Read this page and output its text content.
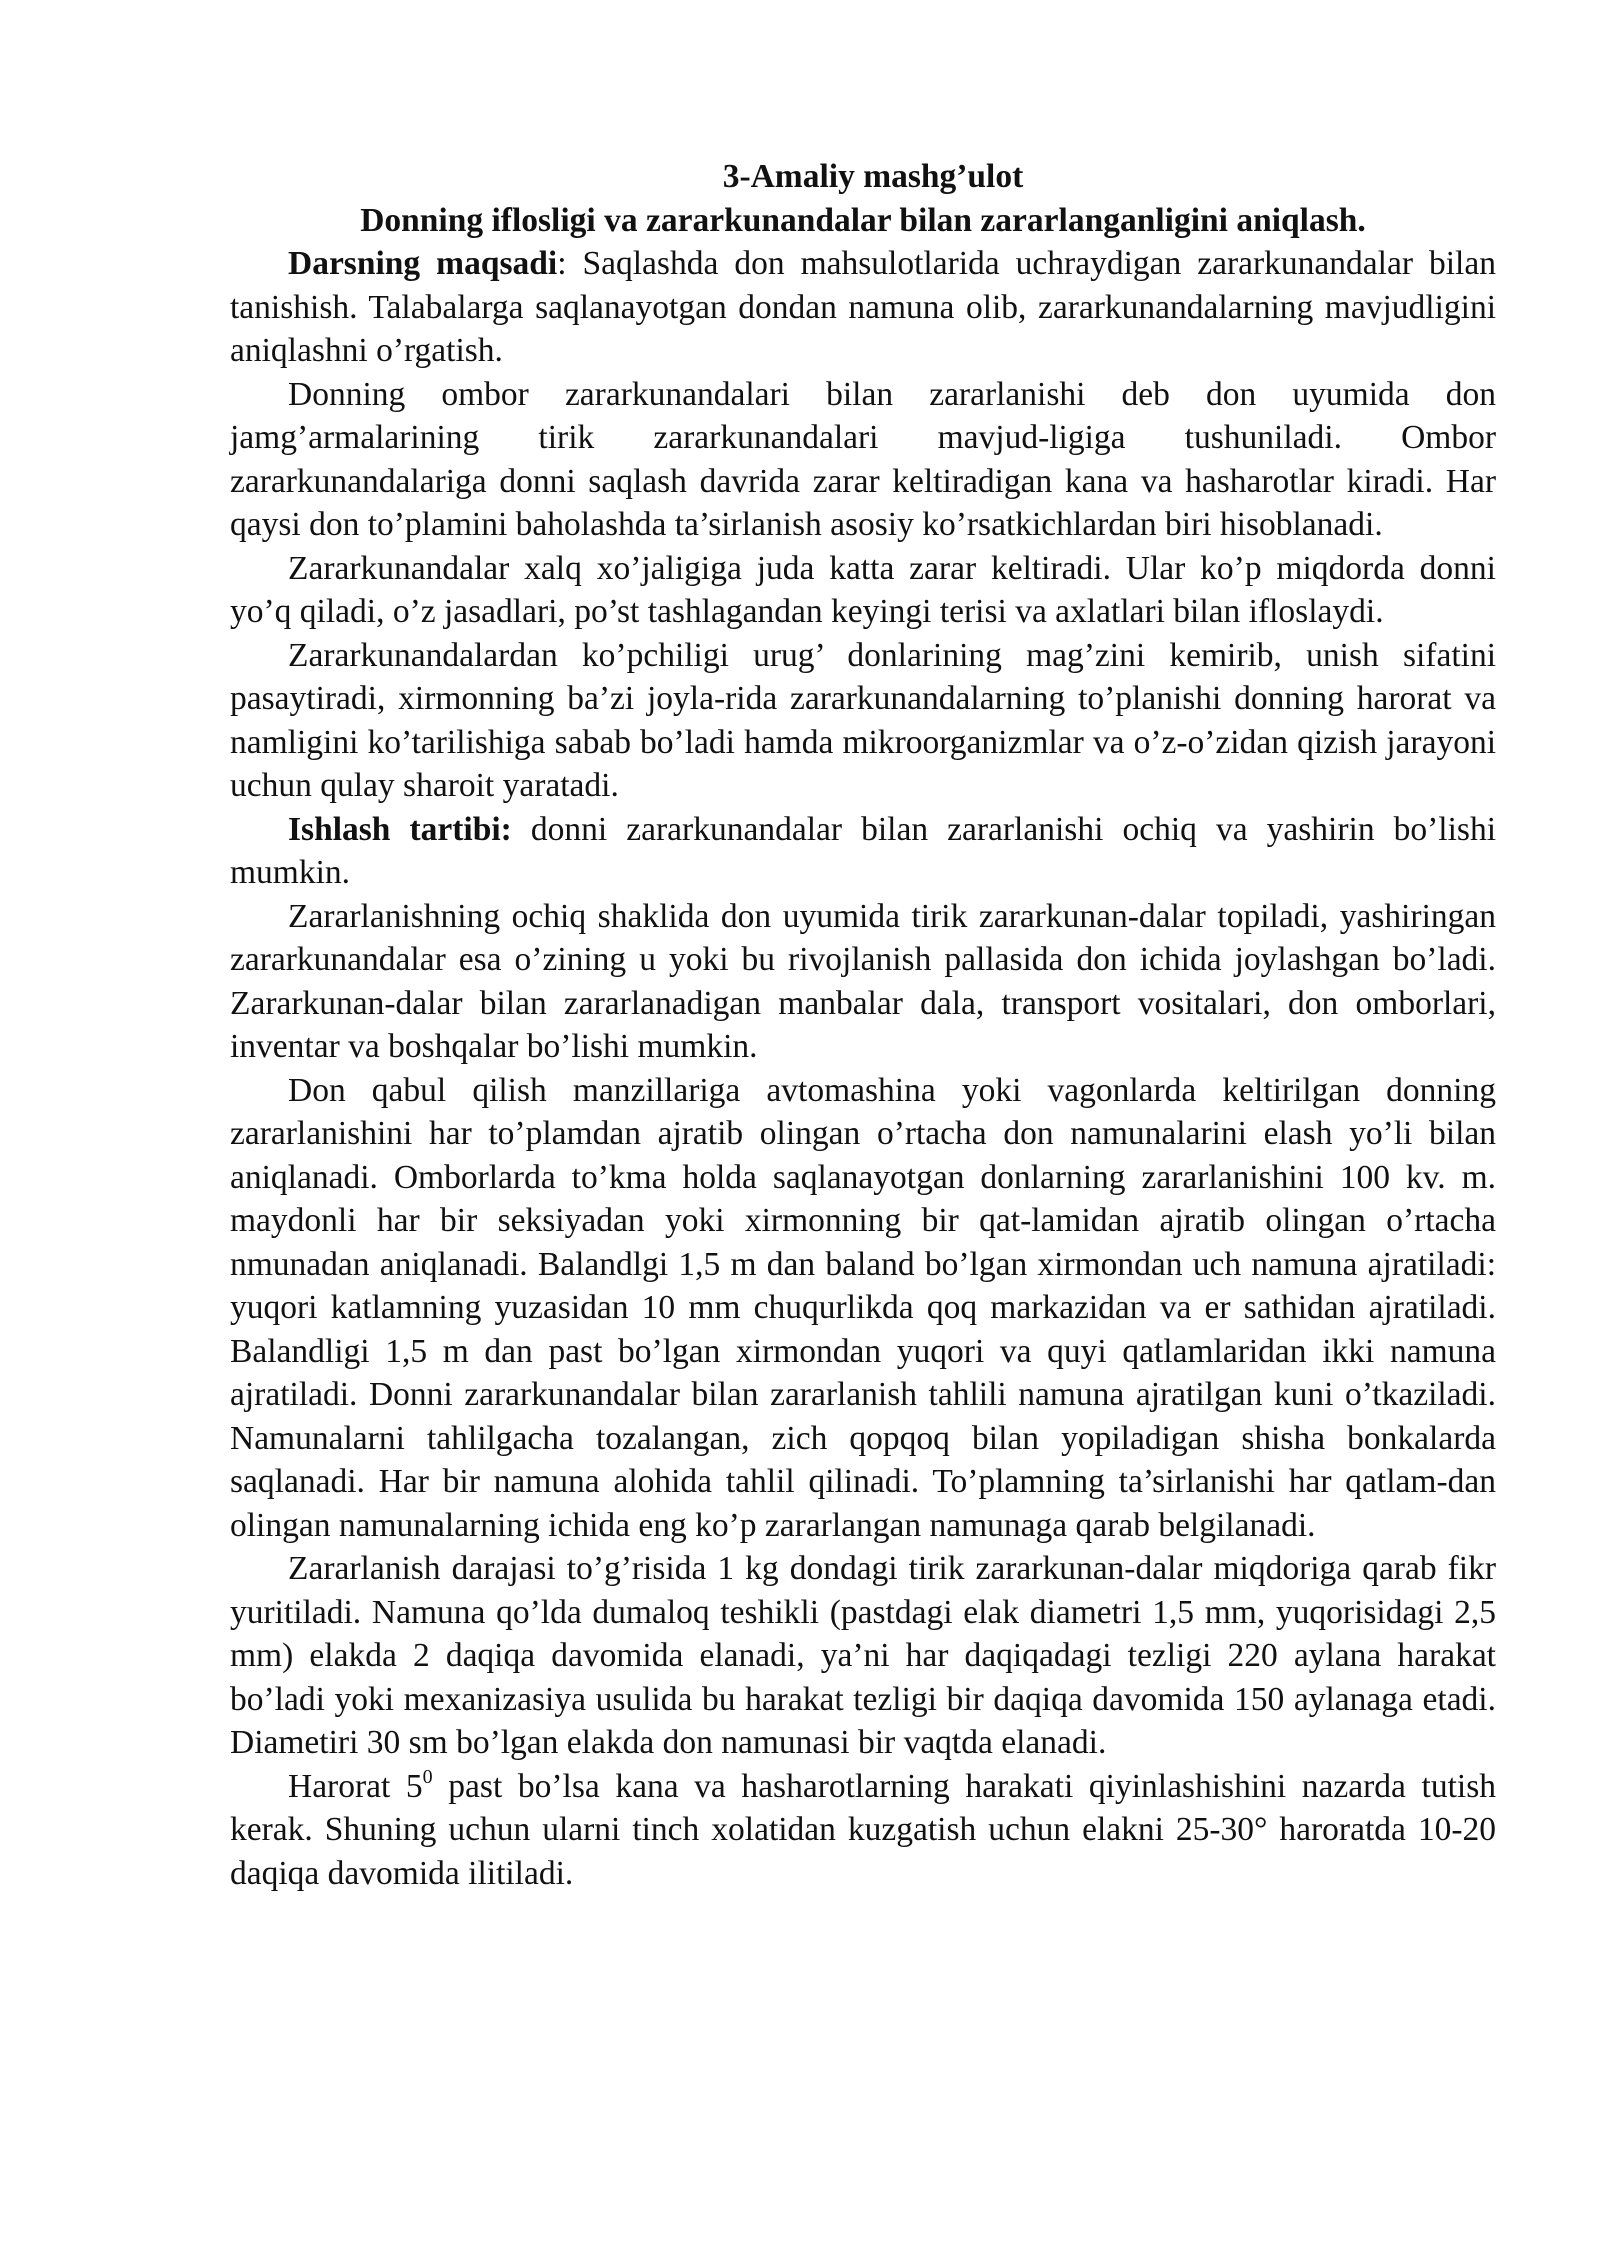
3-Amaliy mashg’ulot
Donning iflosligi va zararkunandalar bilan zararlanganligini aniqlash.

Darsning maqsadi: Saqlashda don mahsulotlarida uchraydigan zararkunandalar bilan tanishish. Talabalarga saqlanayotgan dondan namuna olib, zararkunandalarning mavjudligini aniqlashni o’rgatish.

Donning ombor zararkunandalari bilan zararlanishi deb don uyumida don jamg’armalarining tirik zararkunandalari mavjud-ligiga tushuniladi. Ombor zararkunandalariga donni saqlash davrida zarar keltiradigan kana va hasharotlar kiradi. Har qaysi don to’plamini baholashda ta’sirlanish asosiy ko’rsatkichlardan biri hisoblanadi.

Zararkunandalar xalq xo’jaligiga juda katta zarar keltiradi. Ular ko’p miqdorda donni yo’q qiladi, o’z jasadlari, po’st tashlagandan keyingi terisi va axlatlari bilan ifloslaydi.

Zararkunandalardan ko’pchiligi urug’ donlarining mag’zini kemirib, unish sifatini pasaytiradi, xirmonning ba’zi joyla-rida zararkunandalarning to’planishi donning harorat va namligini ko’tarilishiga sabab bo’ladi hamda mikroorganizmlar va o’z-o’zidan qizish jarayoni uchun qulay sharoit yaratadi.

Ishlash tartibi: donni zararkunandalar bilan zararlanishi ochiq va yashirin bo’lishi mumkin.

Zararlanishning ochiq shaklida don uyumida tirik zararkunan-dalar topiladi, yashiringan zararkunandalar esa o’zining u yoki bu rivojlanish pallasida don ichida joylashgan bo’ladi. Zararkunan-dalar bilan zararlanadigan manbalar dala, transport vositalari, don omborlari, inventar va boshqalar bo’lishi mumkin.

Don qabul qilish manzillariga avtomashina yoki vagonlarda keltirilgan donning zararlanishini har to’plamdan ajratib olingan o’rtacha don namunalarini elash yo’li bilan aniqlanadi. Omborlarda to’kma holda saqlanayotgan donlarning zararlanishini 100 kv. m. maydonli har bir seksiyadan yoki xirmonning bir qat-lamidan ajratib olingan o’rtacha nmunadan aniqlanadi. Balandlgi 1,5 m dan baland bo’lgan xirmondan uch namuna ajratiladi: yuqori katlamning yuzasidan 10 mm chuqurlikda qoq markazidan va er sathidan ajratiladi. Balandligi 1,5 m dan past bo’lgan xirmondan yuqori va quyi qatlamlaridan ikki namuna ajratiladi. Donni zararkunandalar bilan zararlanish tahlili namuna ajratilgan kuni o’tkaziladi. Namunalarni tahlilgacha tozalangan, zich qopqoq bilan yopiladigan shisha bonkalarda saqlanadi. Har bir namuna alohida tahlil qilinadi. To’plamning ta’sirlanishi har qatlam-dan olingan namunalarning ichida eng ko’p zararlangan namunaga qarab belgilanadi.

Zararlanish darajasi to’g’risida 1 kg dondagi tirik zararkunan-dalar miqdoriga qarab fikr yuritiladi. Namuna qo’lda dumaloq teshikli (pastdagi elak diametri 1,5 mm, yuqorisidagi 2,5 mm) elakda 2 daqiqa davomida elanadi, ya’ni har daqiqadagi tezligi 220 aylana harakat bo’ladi yoki mexanizasiya usulida bu harakat tezligi bir daqiqa davomida 150 aylanaga etadi. Diametiri 30 sm bo’lgan elakda don namunasi bir vaqtda elanadi.

Harorat $5^0$ past bo’lsa kana va hasharotlarning harakati qiyinlashishini nazarda tutish kerak. Shuning uchun ularni tinch xolatidan kuzgatish uchun elakni 25-30° haroratda 10-20 daqiqa davomida ilitiladi.
